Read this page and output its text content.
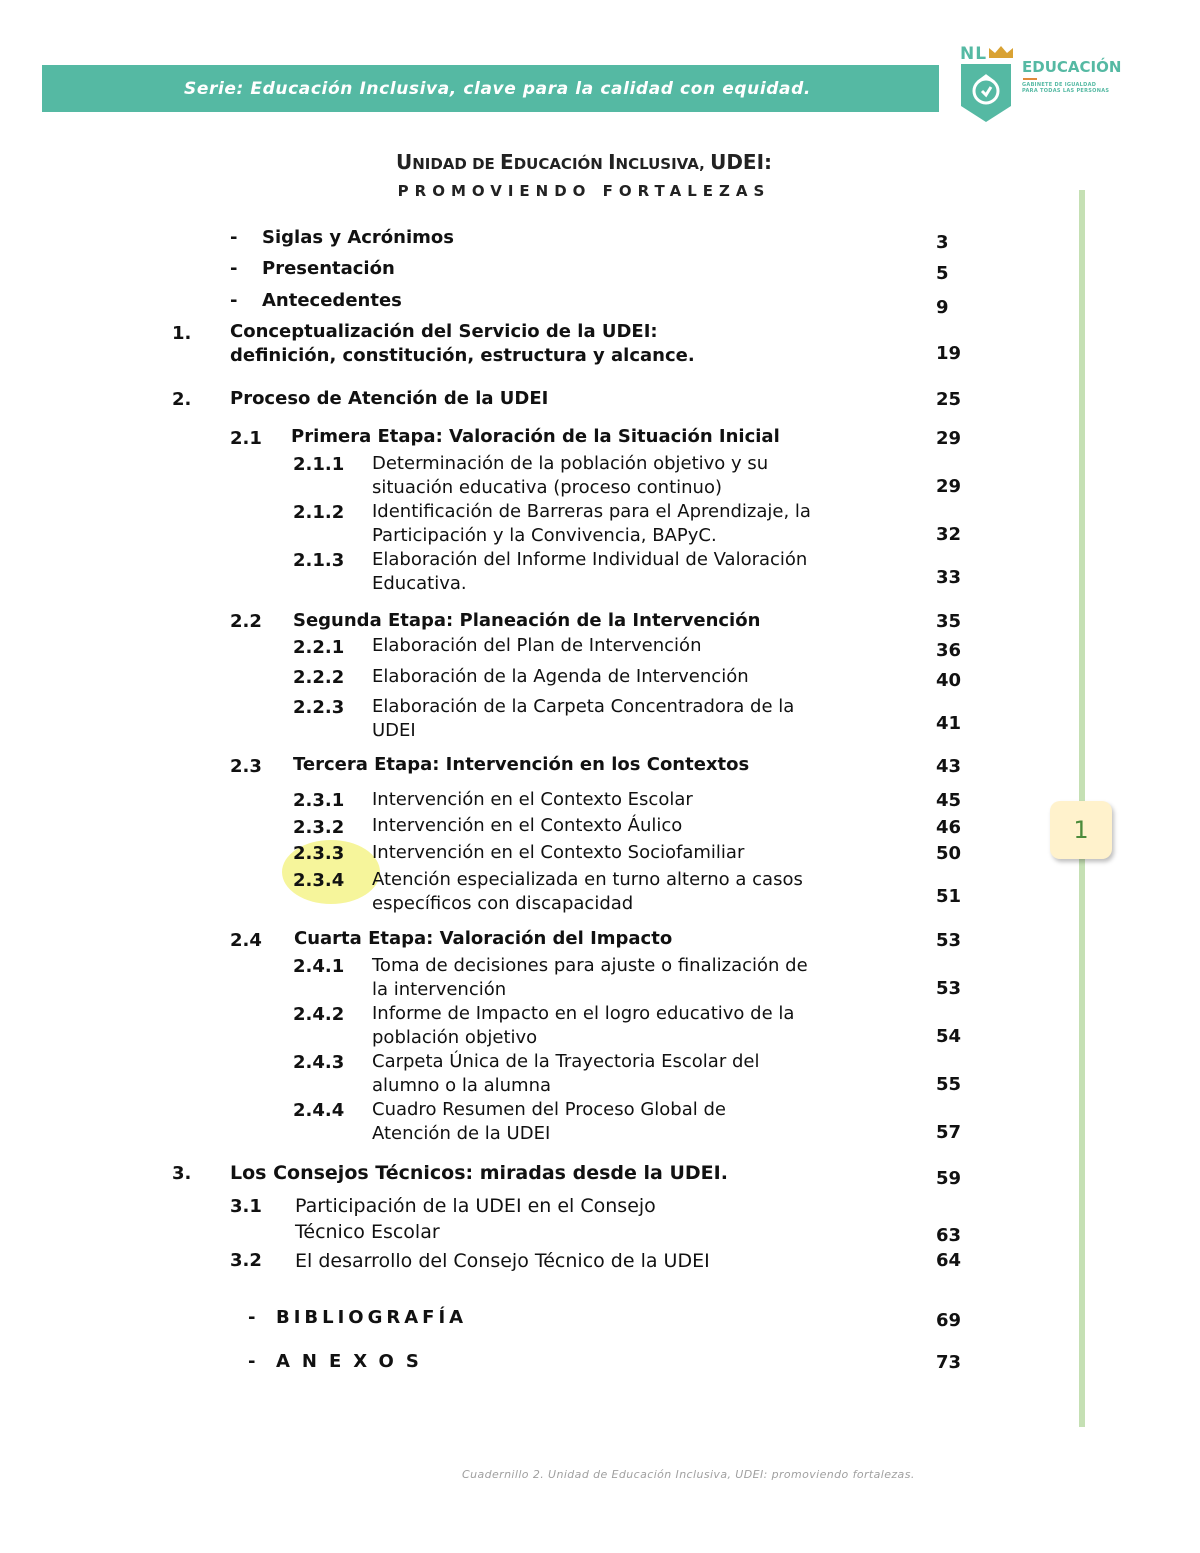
Serie: Educación Inclusiva, clave para la calidad con equidad.
NL
EDUCACIÓN
GABINETE DE IGUALDAD
PARA TODAS LAS PERSONAS
UNIDAD DE EDUCACIÓN INCLUSIVA, UDEI:
PROMOVIENDO FORTALEZAS
1
- Siglas y Acrónimos	3
- Presentación	5
- Antecedentes	9
1. Conceptualización del Servicio de la UDEI:
definición, constitución, estructura y alcance.	19
2. Proceso de Atención de la UDEI	25
2.1 Primera Etapa: Valoración de la Situación Inicial	29
2.1.1 Determinación de la población objetivo y su
situación educativa (proceso continuo)	29
2.1.2 Identificación de Barreras para el Aprendizaje, la
Participación y la Convivencia, BAPyC.	32
2.1.3 Elaboración del Informe Individual de Valoración
Educativa.	33
2.2 Segunda Etapa: Planeación de la Intervención	35
2.2.1 Elaboración del Plan de Intervención	36
2.2.2 Elaboración de la Agenda de Intervención	40
2.2.3 Elaboración de la Carpeta Concentradora de la
UDEI	41
2.3 Tercera Etapa: Intervención en los Contextos	43
2.3.1 Intervención en el Contexto Escolar	45
2.3.2 Intervención en el Contexto Áulico	46
2.3.3 Intervención en el Contexto Sociofamiliar	50
2.3.4 Atención especializada en turno alterno a casos
específicos con discapacidad	51
2.4 Cuarta Etapa: Valoración del Impacto	53
2.4.1 Toma de decisiones para ajuste o finalización de
la intervención	53
2.4.2 Informe de Impacto en el logro educativo de la
población objetivo	54
2.4.3 Carpeta Única de la Trayectoria Escolar del
alumno o la alumna	55
2.4.4 Cuadro Resumen del Proceso Global de
Atención de la UDEI	57
3. Los Consejos Técnicos: miradas desde la UDEI.	59
3.1 Participación de la UDEI en el Consejo
Técnico Escolar	63
3.2 El desarrollo del Consejo Técnico de la UDEI	64
- BIBLIOGRAFÍA	69
- ANEXOS	73
Cuadernillo 2. Unidad de Educación Inclusiva, UDEI: promoviendo fortalezas.
